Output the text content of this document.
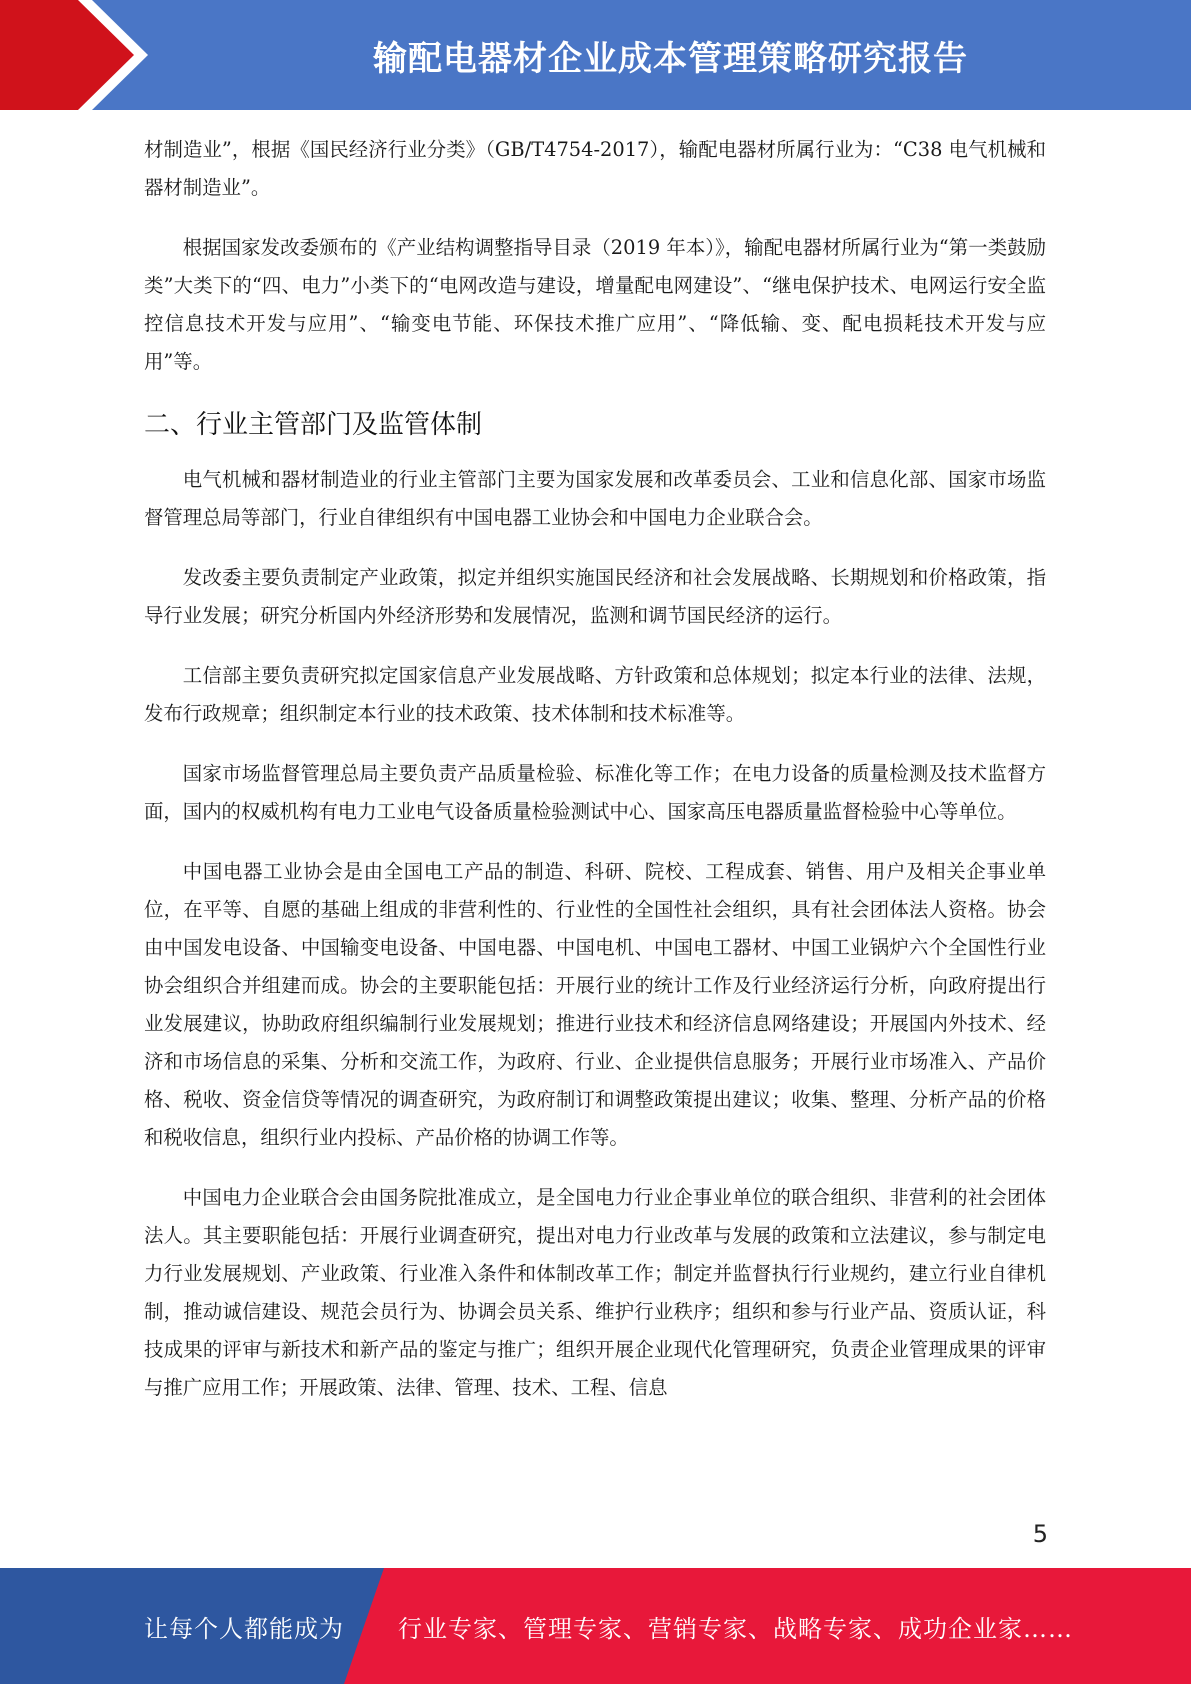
输配电器材企业成本管理策略研究报告

材制造业”，根据《国民经济行业分类》（GB/T4754-2017），输配电器材所属行业为：“C38 电气机械和器材制造业”。

根据国家发改委颁布的《产业结构调整指导目录（2019 年本）》，输配电器材所属行业为“第一类鼓励类”大类下的“四、电力”小类下的“电网改造与建设，增量配电网建设”、“继电保护技术、电网运行安全监控信息技术开发与应用”、“输变电节能、环保技术推广应用”、“降低输、变、配电损耗技术开发与应用”等。

二、行业主管部门及监管体制

电气机械和器材制造业的行业主管部门主要为国家发展和改革委员会、工业和信息化部、国家市场监督管理总局等部门，行业自律组织有中国电器工业协会和中国电力企业联合会。

发改委主要负责制定产业政策，拟定并组织实施国民经济和社会发展战略、长期规划和价格政策，指导行业发展；研究分析国内外经济形势和发展情况，监测和调节国民经济的运行。

工信部主要负责研究拟定国家信息产业发展战略、方针政策和总体规划；拟定本行业的法律、法规，发布行政规章；组织制定本行业的技术政策、技术体制和技术标准等。

国家市场监督管理总局主要负责产品质量检验、标准化等工作；在电力设备的质量检测及技术监督方面，国内的权威机构有电力工业电气设备质量检验测试中心、国家高压电器质量监督检验中心等单位。

中国电器工业协会是由全国电工产品的制造、科研、院校、工程成套、销售、用户及相关企事业单位，在平等、自愿的基础上组成的非营利性的、行业性的全国性社会组织，具有社会团体法人资格。协会由中国发电设备、中国输变电设备、中国电器、中国电机、中国电工器材、中国工业锅炉六个全国性行业协会组织合并组建而成。协会的主要职能包括：开展行业的统计工作及行业经济运行分析，向政府提出行业发展建议，协助政府组织编制行业发展规划；推进行业技术和经济信息网络建设；开展国内外技术、经济和市场信息的采集、分析和交流工作，为政府、行业、企业提供信息服务；开展行业市场准入、产品价格、税收、资金信贷等情况的调查研究，为政府制订和调整政策提出建议；收集、整理、分析产品的价格和税收信息，组织行业内投标、产品价格的协调工作等。

中国电力企业联合会由国务院批准成立，是全国电力行业企事业单位的联合组织、非营利的社会团体法人。其主要职能包括：开展行业调查研究，提出对电力行业改革与发展的政策和立法建议，参与制定电力行业发展规划、产业政策、行业准入条件和体制改革工作；制定并监督执行行业规约，建立行业自律机制，推动诚信建设、规范会员行为、协调会员关系、维护行业秩序；组织和参与行业产品、资质认证，科技成果的评审与新技术和新产品的鉴定与推广；组织开展企业现代化管理研究，负责企业管理成果的评审与推广应用工作；开展政策、法律、管理、技术、工程、信息

5
让每个人都能成为 行业专家、管理专家、营销专家、战略专家、成功企业家……
